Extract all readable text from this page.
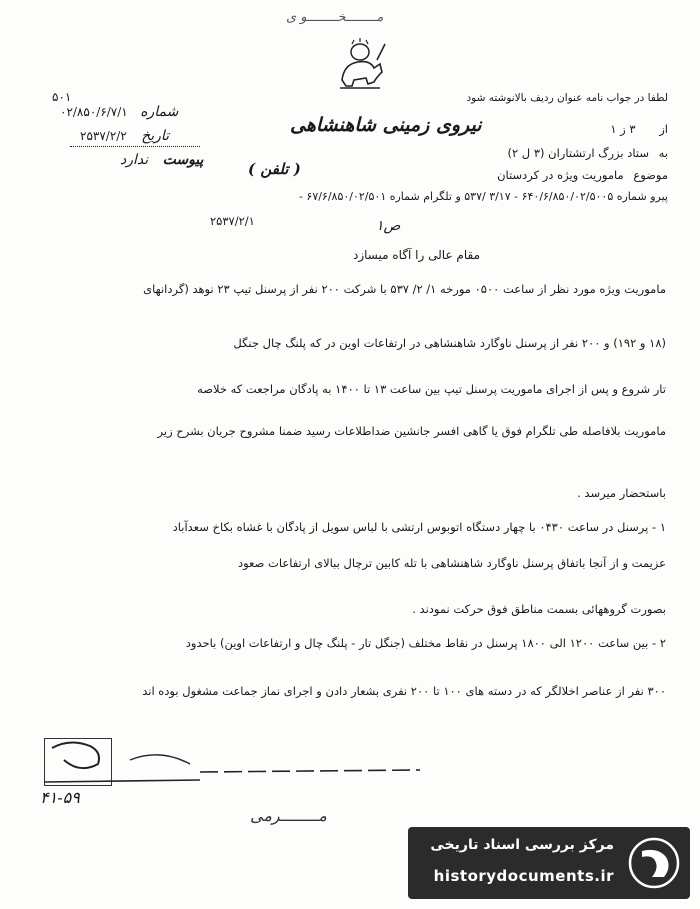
مــــــــخــــــــو ی
۵۰۱	لطفا در جواب نامه عنوان ردیف بالانوشته شود
نیروی زمینی شاهنشاهی
شماره ۰۲/۸۵۰/۶/۷/۱
تاریخ ۲۵۳۷/۲/۲
پیوست ندارد
از ۳ ز ۱
به ستاد بزرگ ارتشتاران (۳ ل ۲)
موضوع ماموریت ویژه در کردستان
( تلفن )
پیرو شماره ۶۴۰/۶/۸۵۰/۰۲/۵۰۰۵ - ۳/۱۷ /۵۳۷ و تلگرام شماره ۶۷/۶/۸۵۰/۰۲/۵۰۱ -
۲۵۳۷/۲/۱	ص۱
مقام عالی را آگاه میسازد
ماموریت ویژه مورد نظر از ساعت ۰۵۰۰ مورخه ۱/ ۲/ ۵۳۷ با شرکت ۲۰۰ نفر از پرسنل تیپ ۲۳ نوهد (گردانهای
(۱۸ و ۱۹۲) و ۲۰۰ نفر از پرسنل ناوگارد شاهنشاهی در ارتفاعات اوین در که پلنگ چال جنگل
تار شروع و پس از اجرای ماموریت پرسنل تیپ بین ساعت ۱۳ تا ۱۴۰۰ به پادگان مراجعت که خلاصه
ماموریت بلافاصله طی تلگرام فوق یا گاهی افسر جانشین ضداطلاعات رسید ضمنا مشروح جریان بشرح زیر
باستحضار میرسد .
۱ - پرسنل در ساعت ۰۴۳۰ با چهار دستگاه اتوبوس ارتشی با لباس سویل از پادگان با غشاه بکاخ سعدآباد
عزیمت و از آنجا باتفاق پرسنل ناوگارد شاهنشاهی با تله کابین ترچال ببالای ارتفاعات صعود
بصورت گروههائی بسمت مناطق فوق حرکت نمودند .
۲ - بین ساعت ۱۲۰۰ الی ۱۸۰۰ پرسنل در نقاط مختلف (جنگل تار - پلنگ چال و ارتفاعات اوین) باحدود
۳۰۰ نفر از عناصر اخلالگر که در دسته های ۱۰۰ تا ۲۰۰ نفری بشعار دادن و اجرای نماز جماعت مشغول بوده اند
۴۱-۵۹
مــــــــرمی
مرکز بررسی اسناد تاریخی
historydocuments.ir
